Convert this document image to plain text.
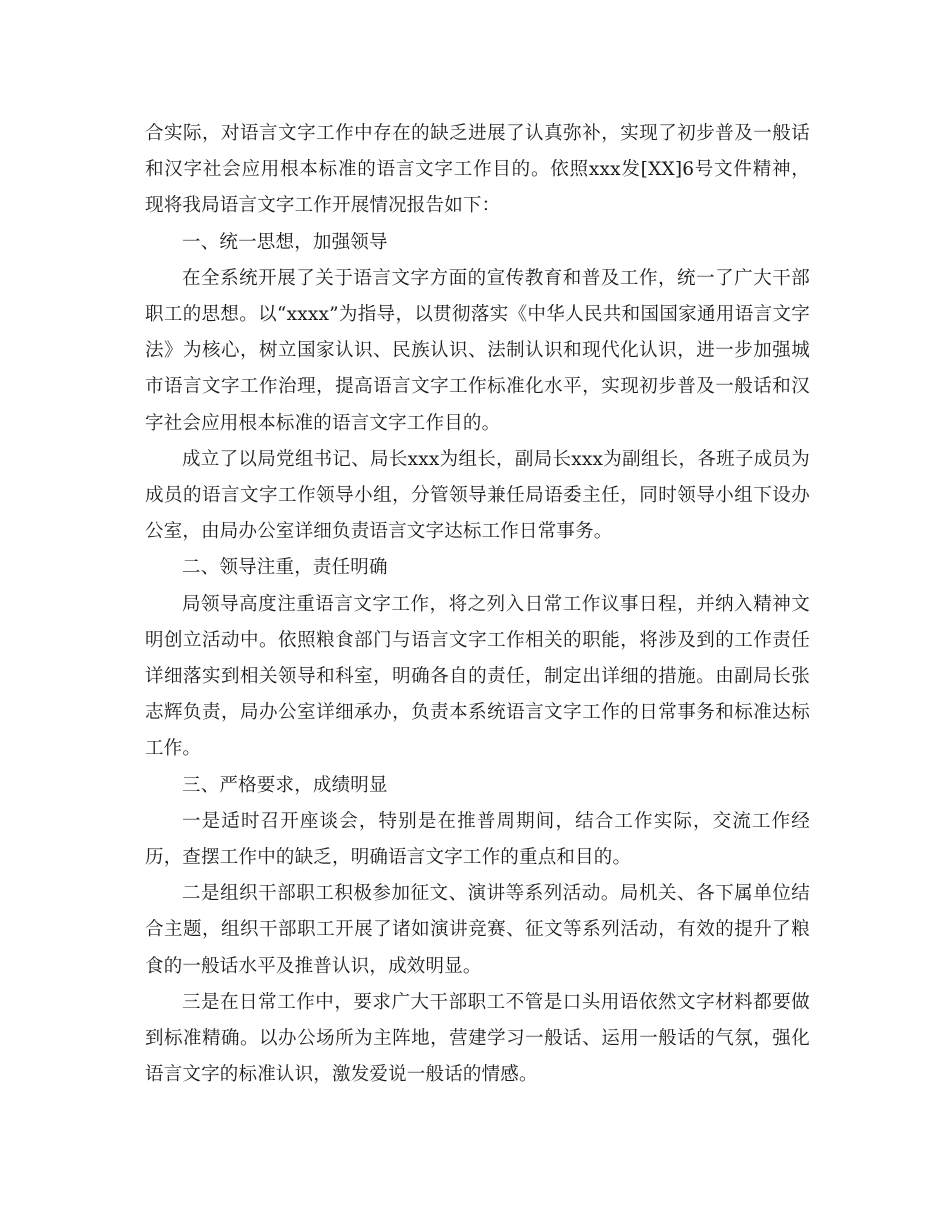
合实际，对语言文字工作中存在的缺乏进展了认真弥补，实现了初步普及一般话和汉字社会应用根本标准的语言文字工作目的。依照xxx发[XX]6号文件精神，现将我局语言文字工作开展情况报告如下：

一、统一思想，加强领导

在全系统开展了关于语言文字方面的宣传教育和普及工作，统一了广大干部职工的思想。以“xxxx”为指导，以贯彻落实《中华人民共和国国家通用语言文字法》为核心，树立国家认识、民族认识、法制认识和现代化认识，进一步加强城市语言文字工作治理，提高语言文字工作标准化水平，实现初步普及一般话和汉字社会应用根本标准的语言文字工作目的。

成立了以局党组书记、局长xxx为组长，副局长xxx为副组长，各班子成员为成员的语言文字工作领导小组，分管领导兼任局语委主任，同时领导小组下设办公室，由局办公室详细负责语言文字达标工作日常事务。

二、领导注重，责任明确

局领导高度注重语言文字工作，将之列入日常工作议事日程，并纳入精神文明创立活动中。依照粮食部门与语言文字工作相关的职能，将涉及到的工作责任详细落实到相关领导和科室，明确各自的责任，制定出详细的措施。由副局长张志辉负责，局办公室详细承办，负责本系统语言文字工作的日常事务和标准达标工作。

三、严格要求，成绩明显

一是适时召开座谈会，特别是在推普周期间，结合工作实际，交流工作经历，查摆工作中的缺乏，明确语言文字工作的重点和目的。

二是组织干部职工积极参加征文、演讲等系列活动。局机关、各下属单位结合主题，组织干部职工开展了诸如演讲竞赛、征文等系列活动，有效的提升了粮食的一般话水平及推普认识，成效明显。

三是在日常工作中，要求广大干部职工不管是口头用语依然文字材料都要做到标准精确。以办公场所为主阵地，营建学习一般话、运用一般话的气氛，强化语言文字的标准认识，激发爱说一般话的情感。
